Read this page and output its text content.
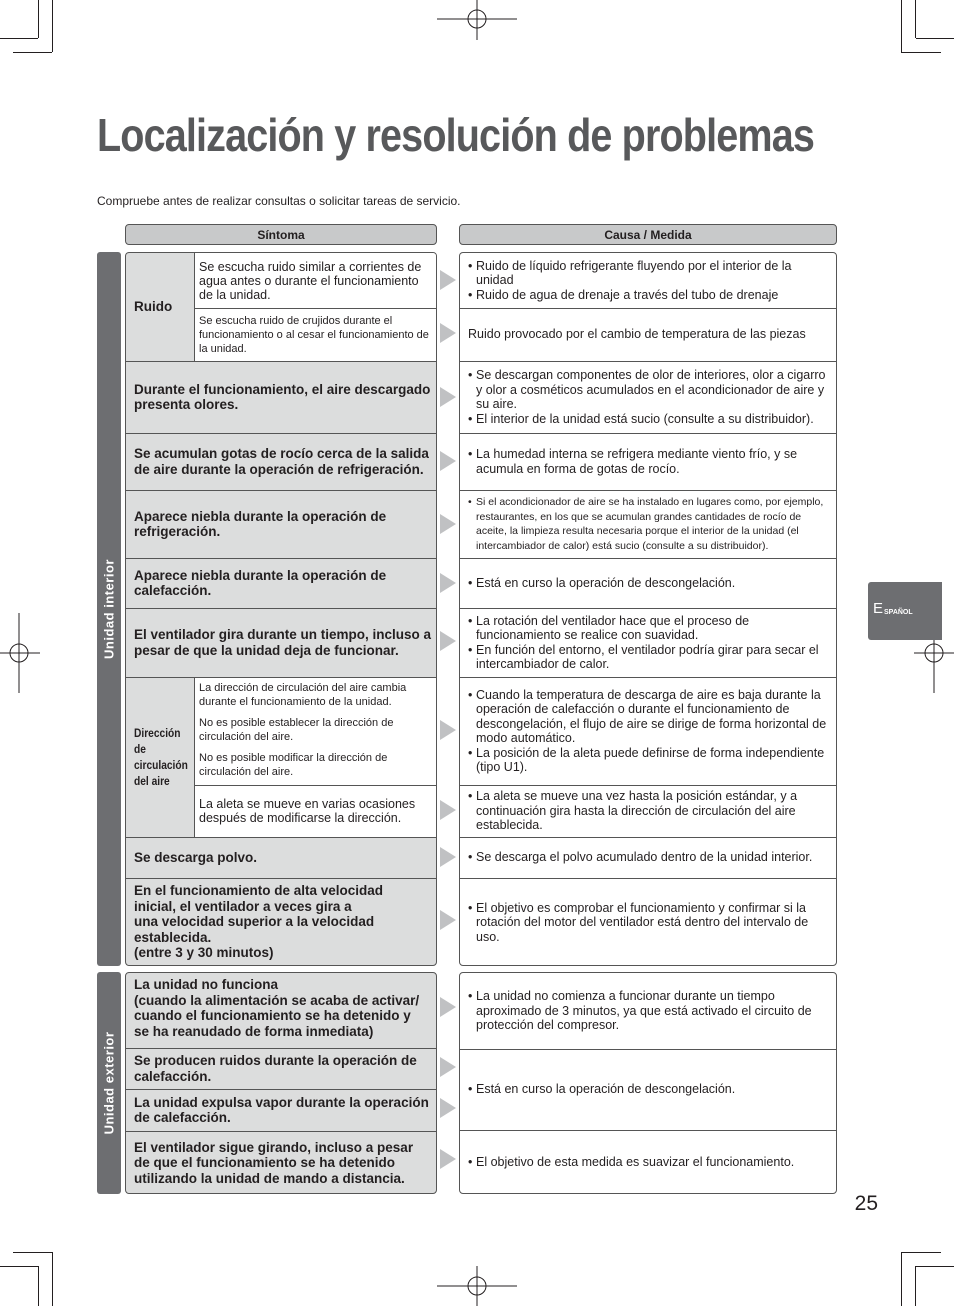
Localización y resolución de problemas
Compruebe antes de realizar consultas o solicitar tareas de servicio.
Síntoma	Causa / Medida
Unidad interior
Unidad exterior
Ruido
Se escucha ruido similar a corrientes de agua antes o durante el funcionamiento de la unidad.
Se escucha ruido de crujidos durante el funcionamiento o al cesar el funcionamiento de la unidad.
Durante el funcionamiento, el aire descargado presenta olores.
Se acumulan gotas de rocío cerca de la salida de aire durante la operación de refrigeración.
Aparece niebla durante la operación de refrigeración.
Aparece niebla durante la operación de calefacción.
El ventilador gira durante un tiempo, incluso a pesar de que la unidad deja de funcionar.
Dirección de circulación del aire
La dirección de circulación del aire cambia durante el funcionamiento de la unidad.
No es posible establecer la dirección de circulación del aire.
No es posible modificar la dirección de circulación del aire.
La aleta se mueve en varias ocasiones después de modificarse la dirección.
Se descarga polvo.
En el funcionamiento de alta velocidad
inicial, el ventilador a veces gira a
una velocidad superior a la velocidad
establecida.
(entre 3 y 30 minutos)
La unidad no funciona
(cuando la alimentación se acaba de activar/
cuando el funcionamiento se ha detenido y
se ha reanudado de forma inmediata)
Se producen ruidos durante la operación de calefacción.
La unidad expulsa vapor durante la operación de calefacción.
El ventilador sigue girando, incluso a pesar de que el funcionamiento se ha detenido utilizando la unidad de mando a distancia.
• Ruido de líquido refrigerante fluyendo por el interior de la unidad
• Ruido de agua de drenaje a través del tubo de drenaje
Ruido provocado por el cambio de temperatura de las piezas
• Se descargan componentes de olor de interiores, olor a cigarro y olor a cosméticos acumulados en el acondicionador de aire y su aire.
• El interior de la unidad está sucio (consulte a su distribuidor).
• La humedad interna se refrigera mediante viento frío, y se acumula en forma de gotas de rocío.
• Si el acondicionador de aire se ha instalado en lugares como, por ejemplo, restaurantes, en los que se acumulan grandes cantidades de rocío de aceite, la limpieza resulta necesaria porque el interior de la unidad (el intercambiador de calor) está sucio (consulte a su distribuidor).
• Está en curso la operación de descongelación.
• La rotación del ventilador hace que el proceso de funcionamiento se realice con suavidad.
• En función del entorno, el ventilador podría girar para secar el intercambiador de calor.
• Cuando la temperatura de descarga de aire es baja durante la operación de calefacción o durante el funcionamiento de descongelación, el flujo de aire se dirige de forma horizontal de modo automático.
• La posición de la aleta puede definirse de forma independiente (tipo U1).
• La aleta se mueve una vez hasta la posición estándar, y a continuación gira hasta la dirección de circulación del aire establecida.
• Se descarga el polvo acumulado dentro de la unidad interior.
• El objetivo es comprobar el funcionamiento y confirmar si la rotación del motor del ventilador está dentro del intervalo de uso.
• La unidad no comienza a funcionar durante un tiempo aproximado de 3 minutos, ya que está activado el circuito de protección del compresor.
• Está en curso la operación de descongelación.
• El objetivo de esta medida es suavizar el funcionamiento.
E SPAÑOL
25
